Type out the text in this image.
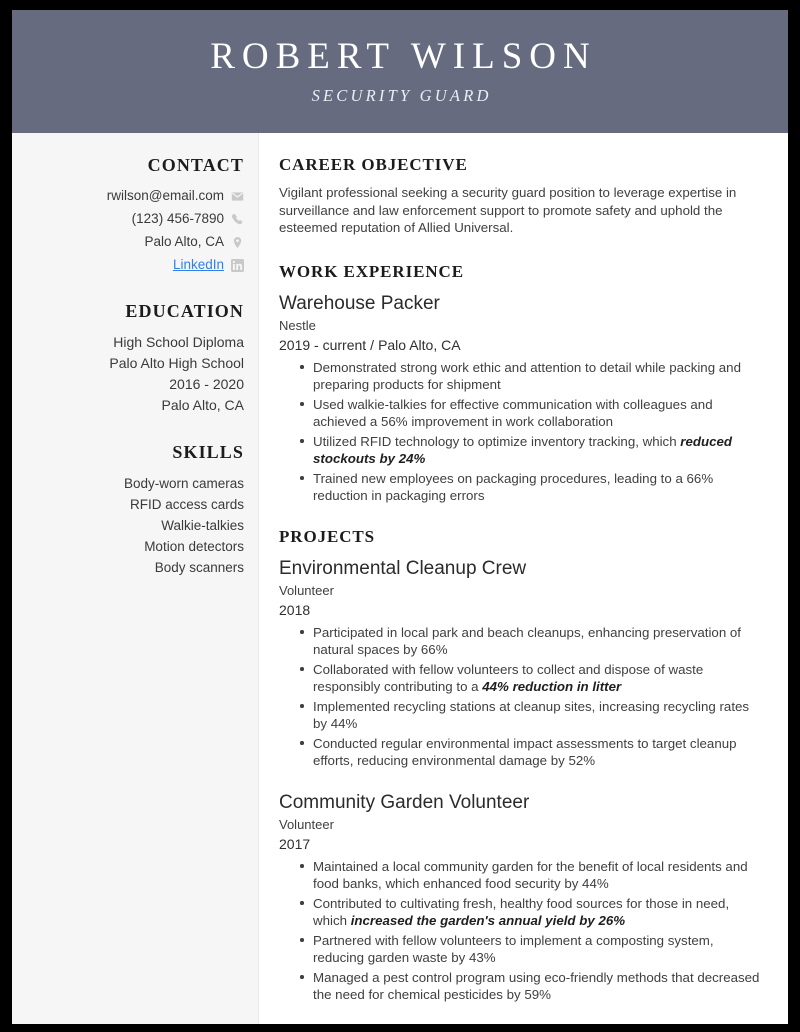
ROBERT WILSON
SECURITY GUARD
CONTACT
rwilson@email.com
(123) 456-7890
Palo Alto, CA
LinkedIn
EDUCATION
High School Diploma
Palo Alto High School
2016 - 2020
Palo Alto, CA
SKILLS
Body-worn cameras
RFID access cards
Walkie-talkies
Motion detectors
Body scanners
CAREER OBJECTIVE
Vigilant professional seeking a security guard position to leverage expertise in surveillance and law enforcement support to promote safety and uphold the esteemed reputation of Allied Universal.
WORK EXPERIENCE
Warehouse Packer
Nestle
2019 - current / Palo Alto, CA
Demonstrated strong work ethic and attention to detail while packing and preparing products for shipment
Used walkie-talkies for effective communication with colleagues and achieved a 56% improvement in work collaboration
Utilized RFID technology to optimize inventory tracking, which reduced stockouts by 24%
Trained new employees on packaging procedures, leading to a 66% reduction in packaging errors
PROJECTS
Environmental Cleanup Crew
Volunteer
2018
Participated in local park and beach cleanups, enhancing preservation of natural spaces by 66%
Collaborated with fellow volunteers to collect and dispose of waste responsibly contributing to a 44% reduction in litter
Implemented recycling stations at cleanup sites, increasing recycling rates by 44%
Conducted regular environmental impact assessments to target cleanup efforts, reducing environmental damage by 52%
Community Garden Volunteer
Volunteer
2017
Maintained a local community garden for the benefit of local residents and food banks, which enhanced food security by 44%
Contributed to cultivating fresh, healthy food sources for those in need, which increased the garden's annual yield by 26%
Partnered with fellow volunteers to implement a composting system, reducing garden waste by 43%
Managed a pest control program using eco-friendly methods that decreased the need for chemical pesticides by 59%
